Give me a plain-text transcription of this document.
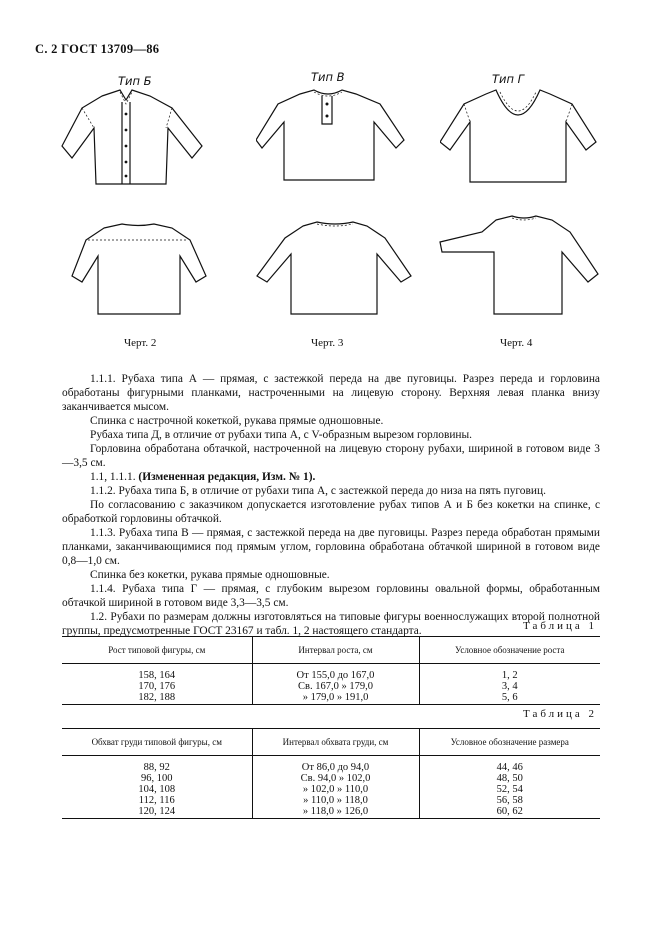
С. 2 ГОСТ 13709—86
Тип Б	Тип В	Тип Г
Черт. 2	Черт. 3	Черт. 4

1.1.1. Рубаха типа А — прямая, с застежкой переда на две пуговицы. Разрез переда и горловина обработаны фигурными планками, настроченными на лицевую сторону. Верхняя левая планка внизу заканчивается мысом.

Спинка с настрочной кокеткой, рукава прямые одношовные.

Рубаха типа Д, в отличие от рубахи типа А, с V-образным вырезом горловины.

Горловина обработана обтачкой, настроченной на лицевую сторону рубахи, шириной в готовом виде 3—3,5 см.

1.1, 1.1.1. (Измененная редакция, Изм. № 1).

1.1.2. Рубаха типа Б, в отличие от рубахи типа А, с застежкой переда до низа на пять пуговиц.

По согласованию с заказчиком допускается изготовление рубах типов А и Б без кокетки на спинке, с обработкой горловины обтачкой.

1.1.3. Рубаха типа В — прямая, с застежкой переда на две пуговицы. Разрез переда обработан прямыми планками, заканчивающимися под прямым углом, горловина обработана обтачкой шириной в готовом виде 0,8—1,0 см.

Спинка без кокетки, рукава прямые одношовные.

1.1.4. Рубаха типа Г — прямая, с глубоким вырезом горловины овальной формы, обработанным обтачкой шириной в готовом виде 3,3—3,5 см.

1.2. Рубахи по размерам должны изготовляться на типовые фигуры военнослужащих второй полнотной группы, предусмотренные ГОСТ 23167 и табл. 1, 2 настоящего стандарта.	Таблица 1
Рост типовой фигуры, см	Интервал роста, см	Условное обозначение роста
158, 164	От 155,0 до 167,0	1, 2
170, 176	Св. 167,0 » 179,0	3, 4
182, 188	» 179,0 » 191,0	5, 6
Таблица 2
Обхват груди типовой фигуры, см	Интервал обхвата груди, см	Условное обозначение размера
88, 92	От 86,0 до 94,0	44, 46
96, 100	Св. 94,0 » 102,0	48, 50
104, 108	» 102,0 » 110,0	52, 54
112, 116	» 110,0 » 118,0	56, 58
120, 124	» 118,0 » 126,0	60, 62
